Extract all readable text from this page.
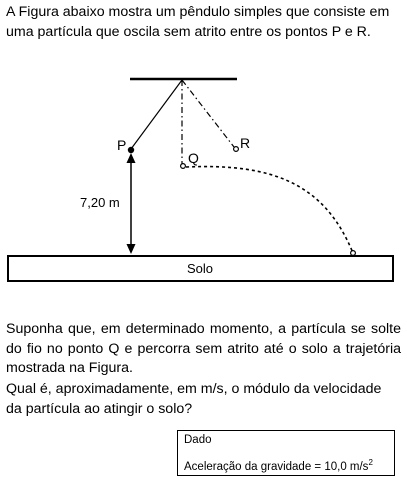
A Figura abaixo mostra um pêndulo simples que consiste em uma partícula que oscila sem atrito entre os pontos P e R.

P
Q
R
7,20 m
Solo

Suponha que, em determinado momento, a partícula se solte do fio no ponto Q e percorra sem atrito até o solo a trajetória mostrada na Figura.

Qual é, aproximadamente, em m/s, o módulo da velocidade da partícula ao atingir o solo?

Dado
Aceleração da gravidade = 10,0 $m/s^2$
